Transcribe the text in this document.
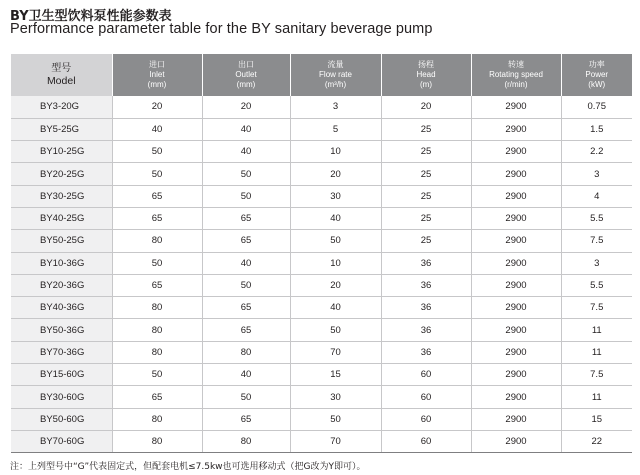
BY卫生型饮料泵性能参数表
Performance parameter table for the BY sanitary beverage pump
型号
Model	进口
Inlet
(mm)	出口
Outlet
(mm)	流量
Flow rate
(m³/h)	扬程
Head
(m)	转速
Rotating speed
(r/min)	功率
Power
(kW)

BY3-20G	20	20	3	20	2900	0.75
BY5-25G	40	40	5	25	2900	1.5
BY10-25G	50	40	10	25	2900	2.2
BY20-25G	50	50	20	25	2900	3
BY30-25G	65	50	30	25	2900	4
BY40-25G	65	65	40	25	2900	5.5
BY50-25G	80	65	50	25	2900	7.5
BY10-36G	50	40	10	36	2900	3
BY20-36G	65	50	20	36	2900	5.5
BY40-36G	80	65	40	36	2900	7.5
BY50-36G	80	65	50	36	2900	11
BY70-36G	80	80	70	36	2900	11
BY15-60G	50	40	15	60	2900	7.5
BY30-60G	65	50	30	60	2900	11
BY50-60G	80	65	50	60	2900	15
BY70-60G	80	80	70	60	2900	22
注：上列型号中“G”代表固定式，但配套电机≤7.5kw也可选用移动式（把G改为Y即可）。
